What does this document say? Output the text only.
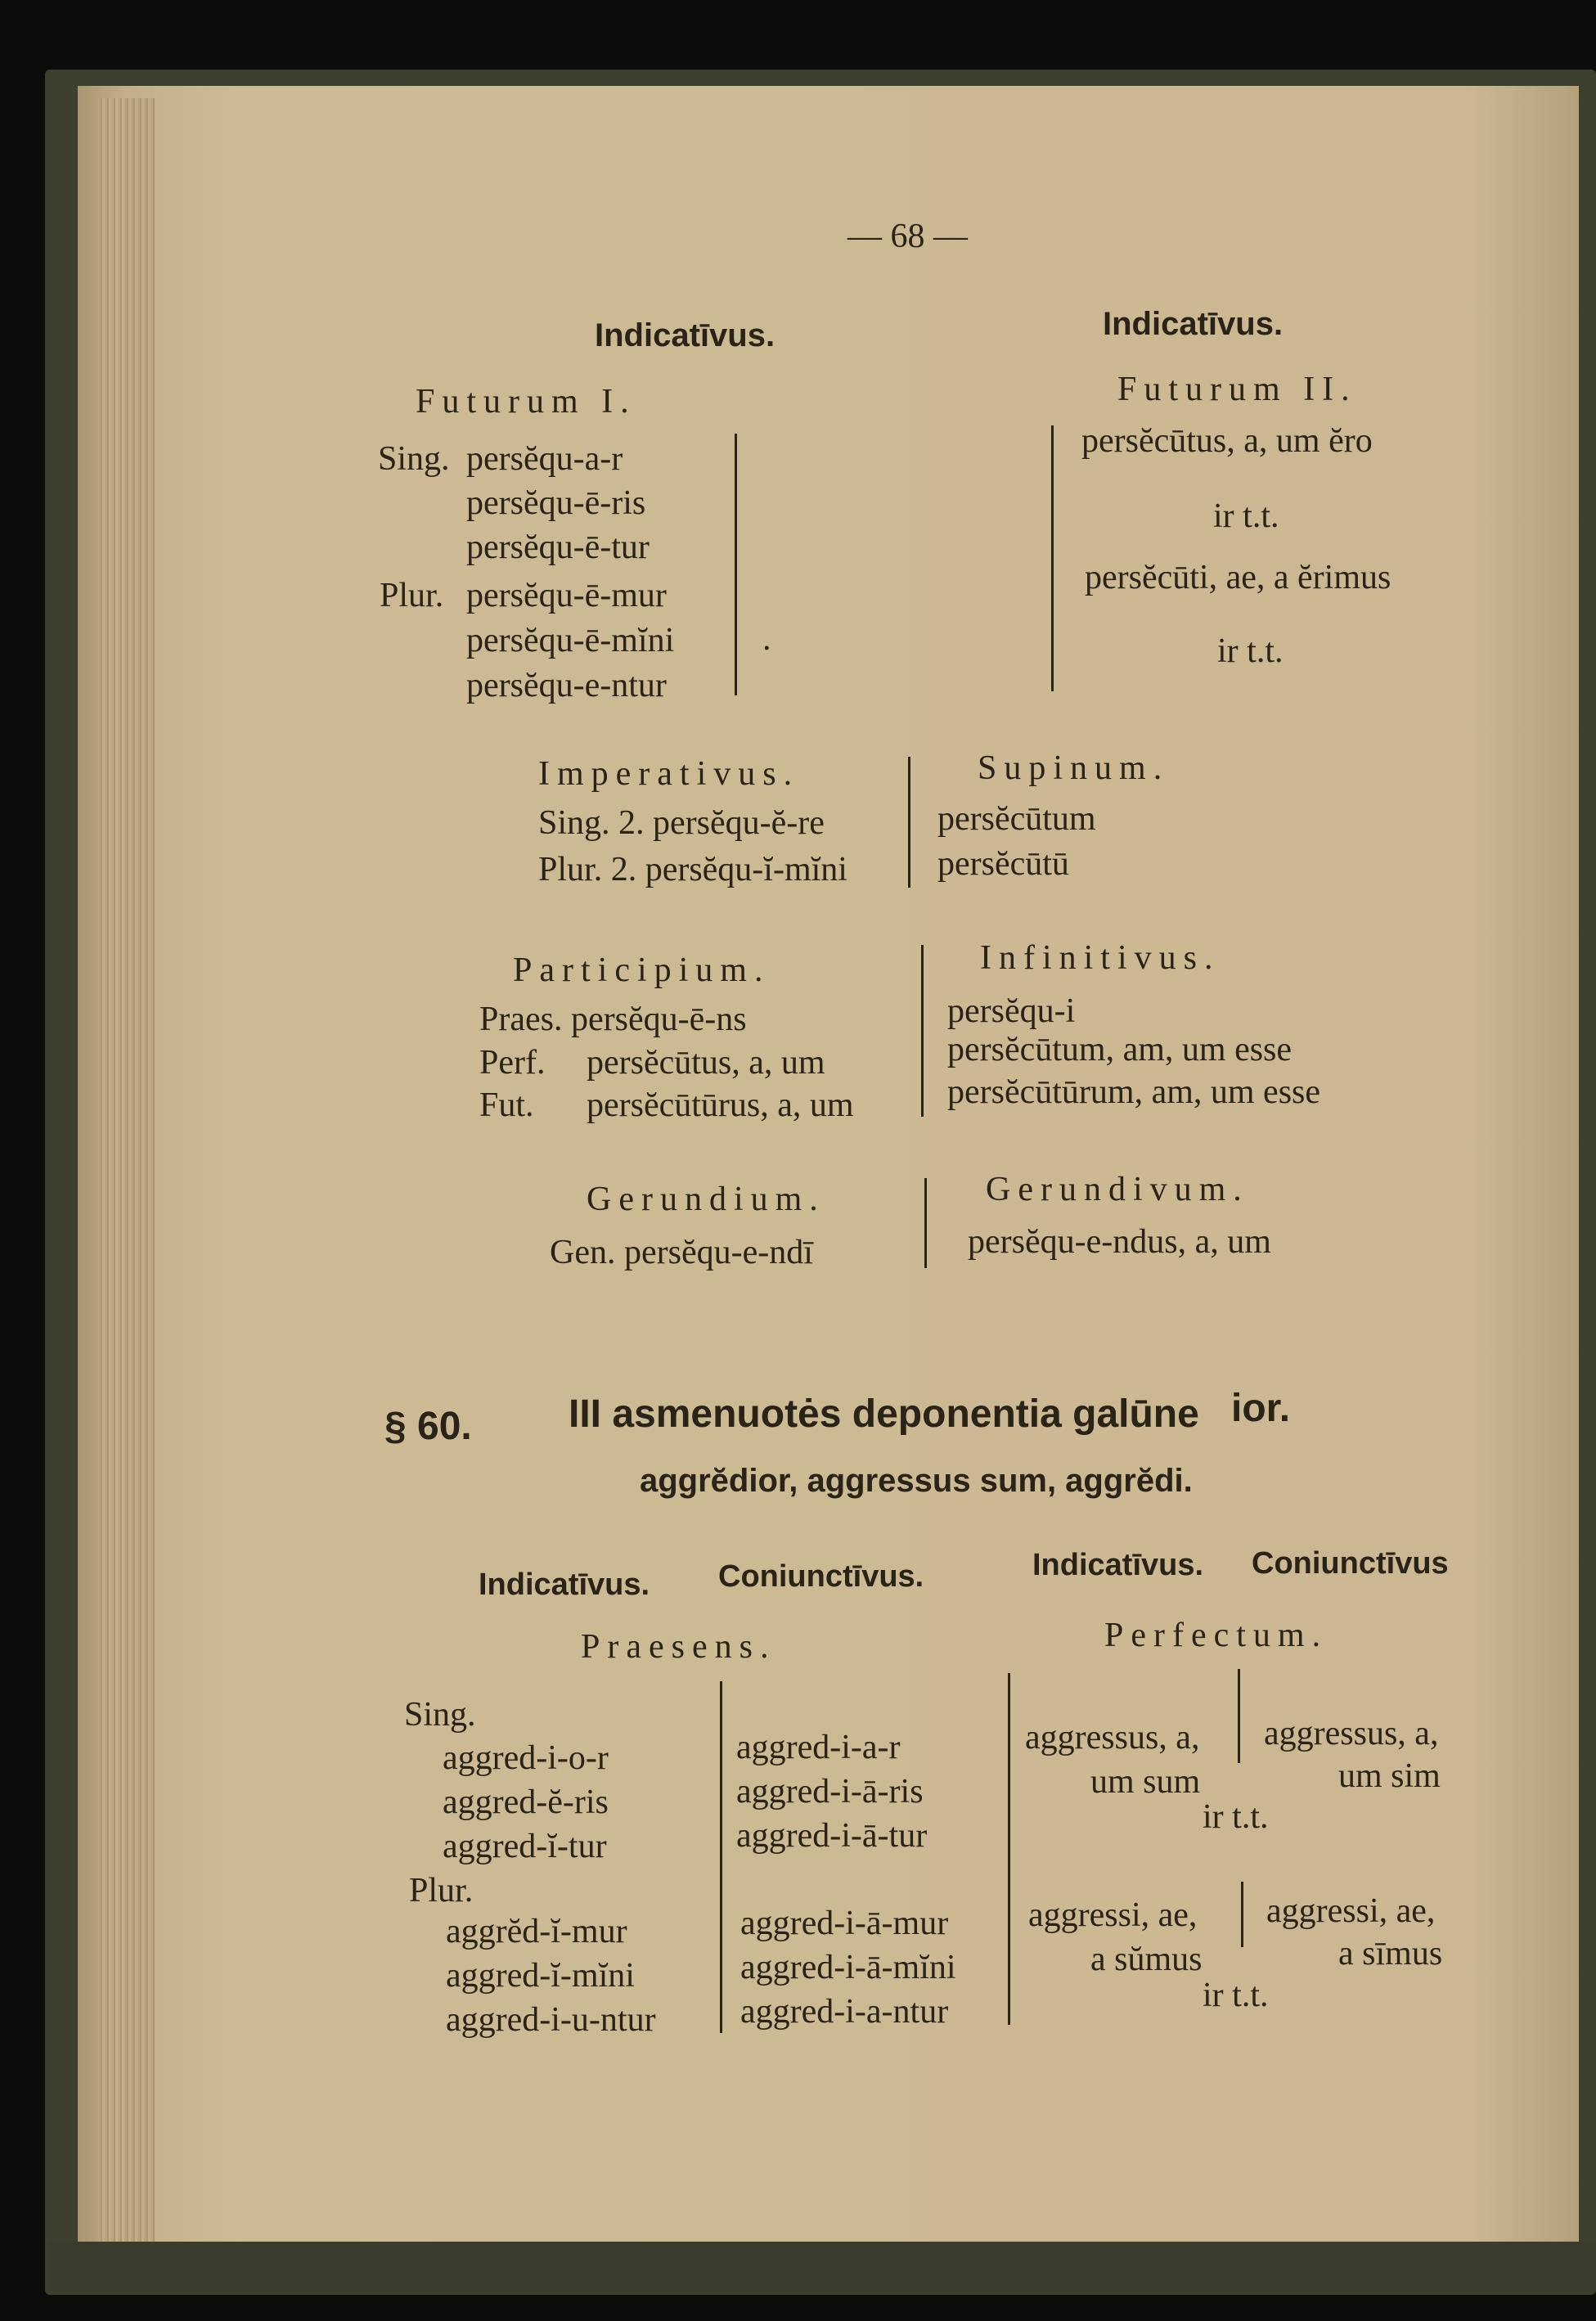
— 68 —
Indicatīvus.
Futurum I.
Sing. persĕqu-a-r
persĕqu-ē-ris
persĕqu-ē-tur
Plur. persĕqu-ē-mur
persĕqu-ē-mĭni
persĕqu-e-ntur
.
Indicatīvus.
Futurum II.
persĕcūtus, a, um ĕro
ir t.t.
persĕcūti, ae, a ĕrimus
ir t.t.
Imperativus.
Sing. 2. persĕqu-ĕ-re
Plur. 2. persĕqu-ĭ-mĭni
Supinum.
persĕcūtum
persĕcūtū
Participium.
Praes. persĕqu-ē-ns
Perf. persĕcūtus, a, um
Fut. persĕcūtūrus, a, um
Infinitivus.
persĕqu-i
persĕcūtum, am, um esse
persĕcūtūrum, am, um esse
Gerundium.
Gen. persĕqu-e-ndī
Gerundivum.
persĕqu-e-ndus, a, um
§ 60. III asmenuotės deponentia galūne ior.
aggrĕdior, aggressus sum, aggrĕdi.
Indicatīvus. Coniunctīvus.	Indicatīvus. Coniunctīvus
Praesens.	Perfectum.
Sing.
aggred-i-o-r
aggred-ĕ-ris
aggred-ĭ-tur
Plur.
aggrĕd-ĭ-mur
aggred-ĭ-mĭni
aggred-i-u-ntur
aggred-i-a-r
aggred-i-ā-ris
aggred-i-ā-tur
aggred-i-ā-mur
aggred-i-ā-mĭni
aggred-i-a-ntur
aggressus, a,
um sum
aggressus, a,
um sim
ir t.t.
aggressi, ae,
a sŭmus
aggressi, ae,
a sīmus
ir t.t.
